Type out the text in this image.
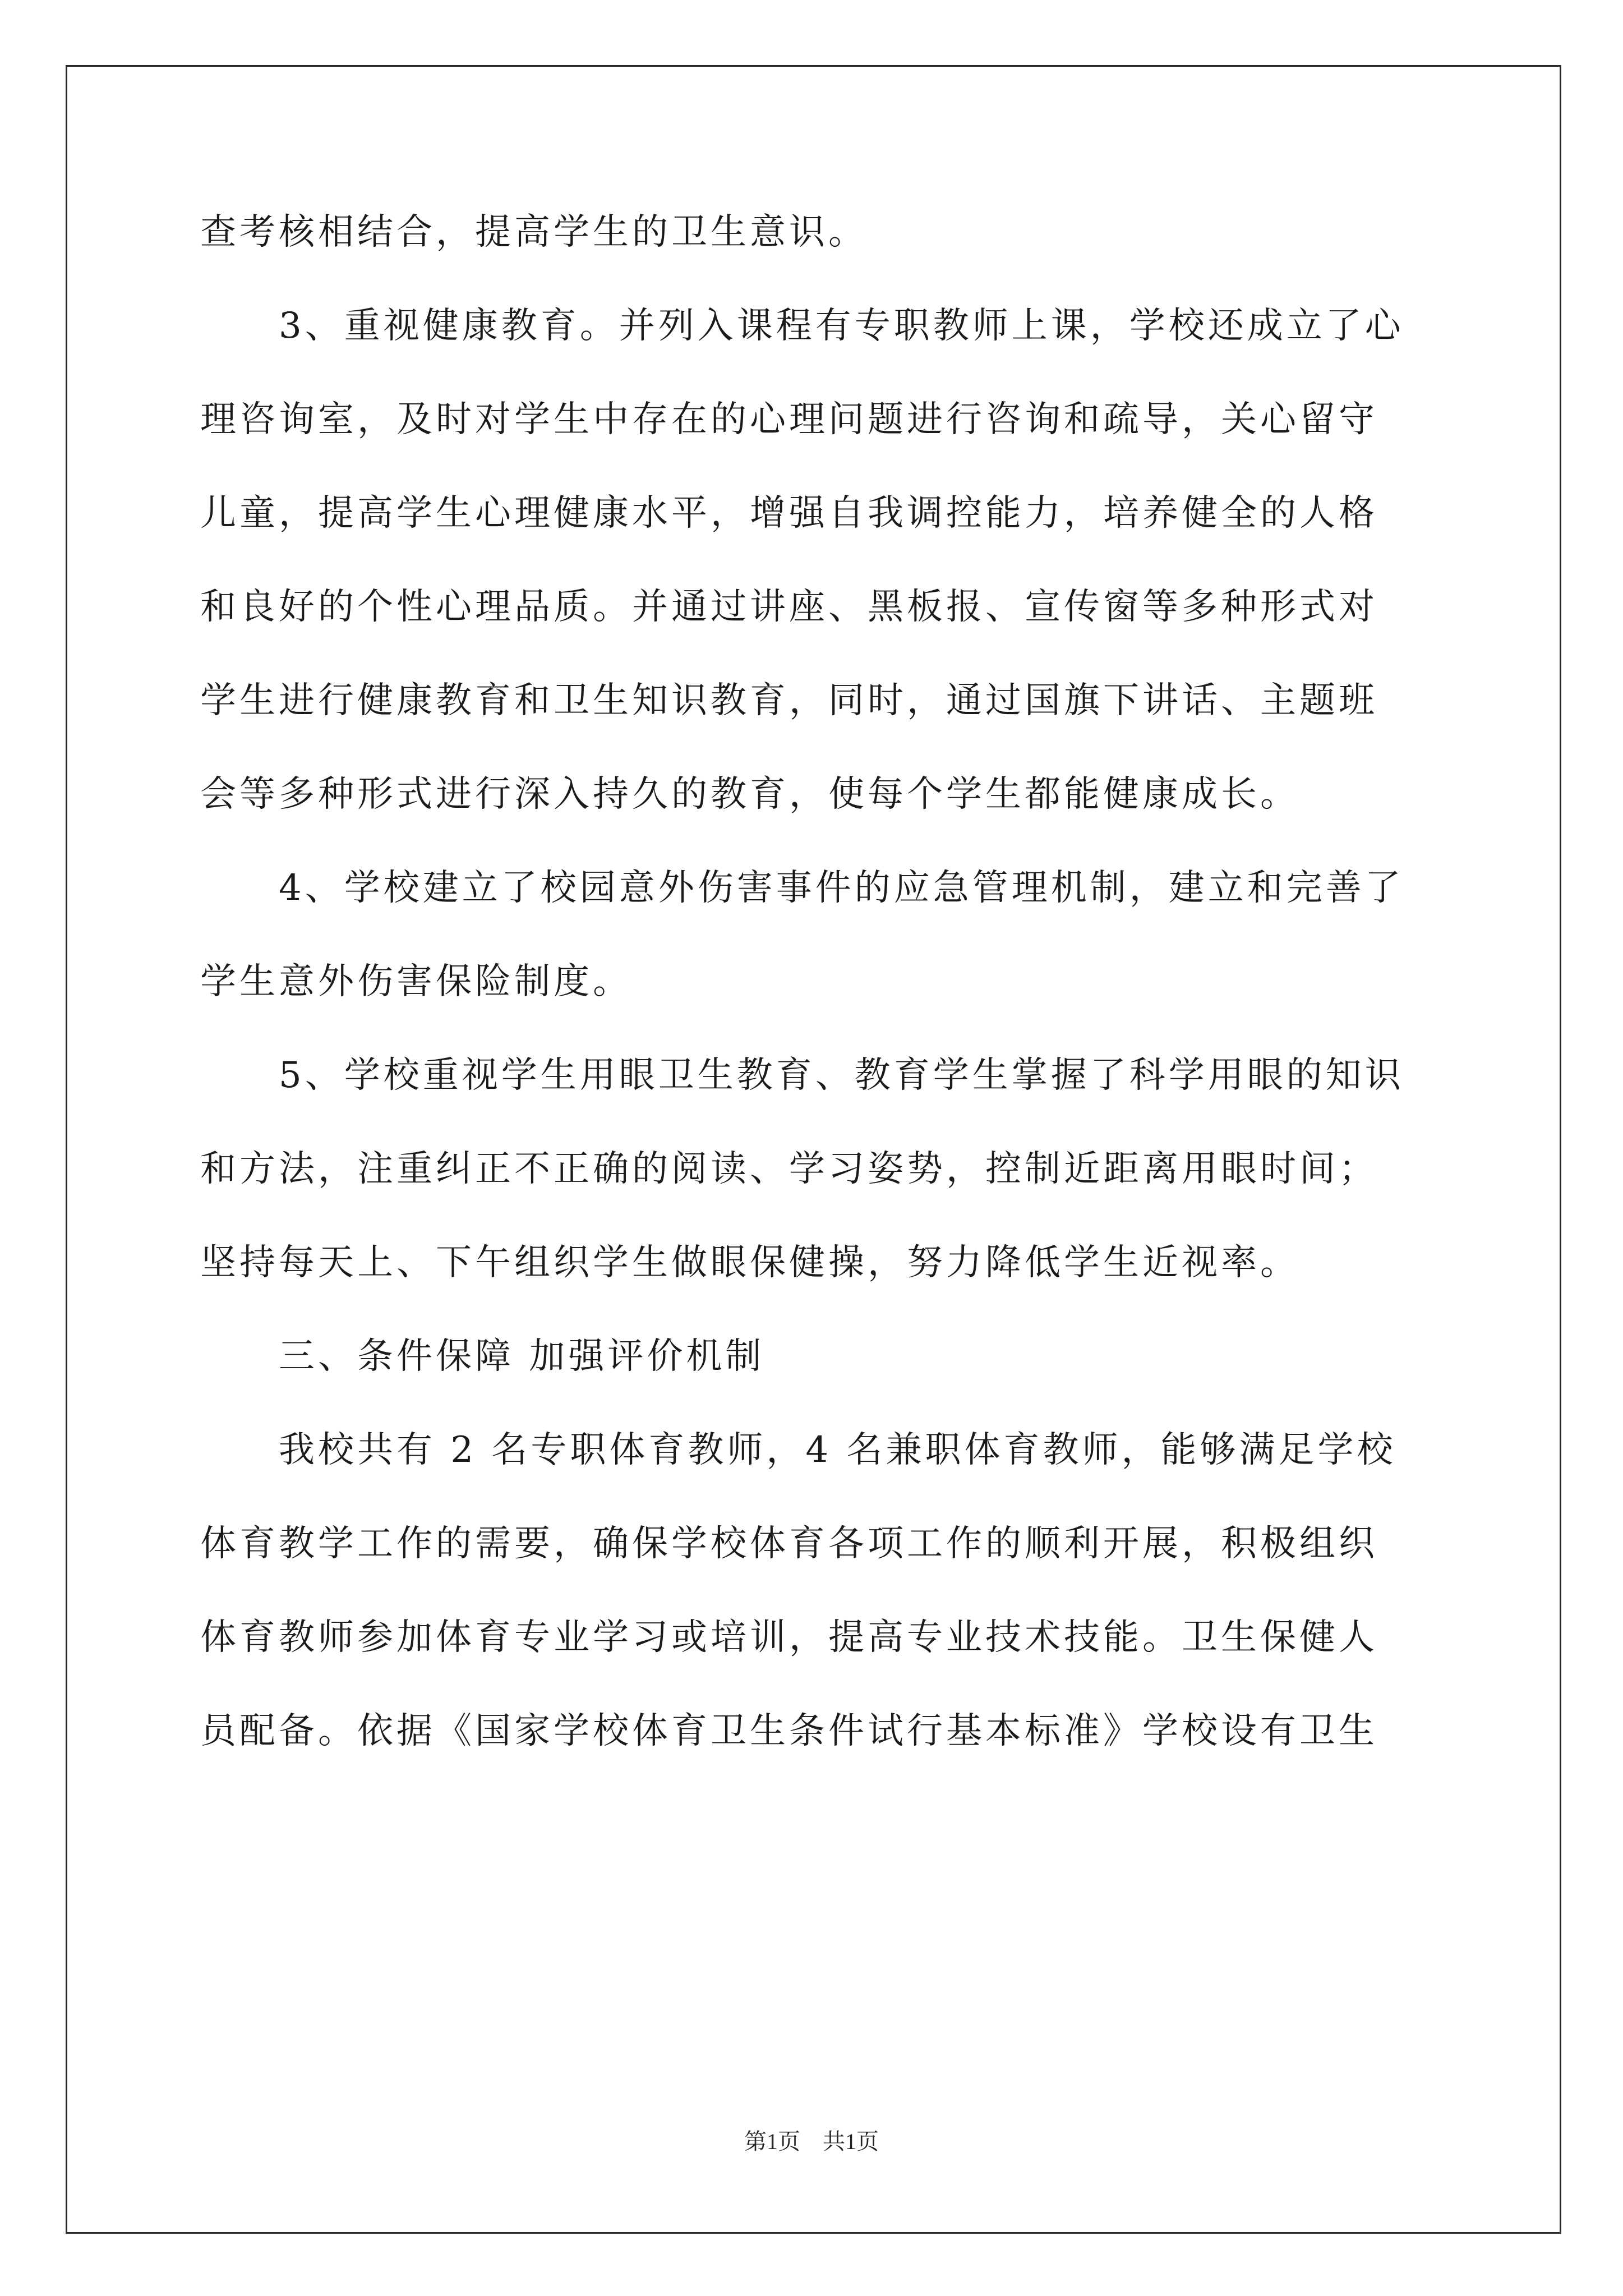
查考核相结合，提高学生的卫生意识。
3、重视健康教育。并列入课程有专职教师上课，学校还成立了心
理咨询室，及时对学生中存在的心理问题进行咨询和疏导，关心留守
儿童，提高学生心理健康水平，增强自我调控能力，培养健全的人格
和良好的个性心理品质。并通过讲座、黑板报、宣传窗等多种形式对
学生进行健康教育和卫生知识教育，同时，通过国旗下讲话、主题班
会等多种形式进行深入持久的教育，使每个学生都能健康成长。
4、学校建立了校园意外伤害事件的应急管理机制，建立和完善了
学生意外伤害保险制度。
5、学校重视学生用眼卫生教育、教育学生掌握了科学用眼的知识
和方法，注重纠正不正确的阅读、学习姿势，控制近距离用眼时间；
坚持每天上、下午组织学生做眼保健操，努力降低学生近视率。
三、条件保障 加强评价机制
我校共有 2 名专职体育教师，4 名兼职体育教师，能够满足学校
体育教学工作的需要，确保学校体育各项工作的顺利开展，积极组织
体育教师参加体育专业学习或培训，提高专业技术技能。卫生保健人
员配备。依据《国家学校体育卫生条件试行基本标准》学校设有卫生
第1页　共1页
